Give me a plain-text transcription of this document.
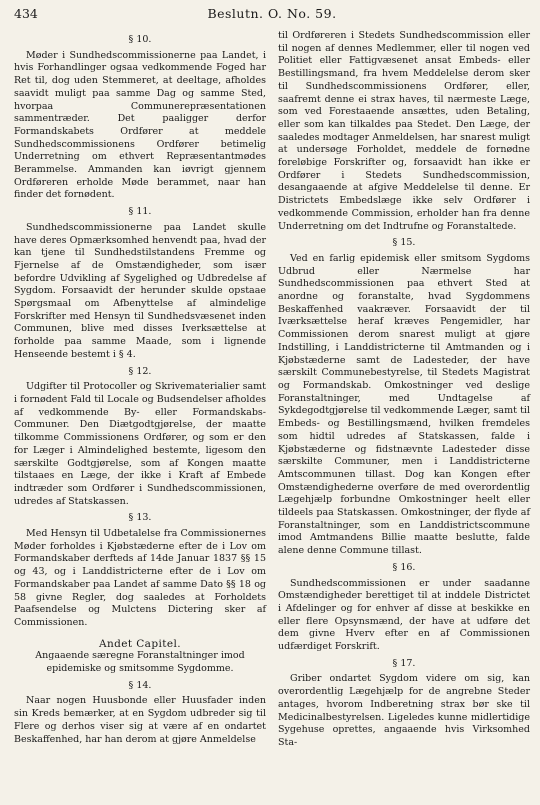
434	Beslutn. O. No. 59.
§ 10.

Møder i Sundhedscommissionerne paa Landet, i hvis Forhandlinger ogsaa vedkommende Foged har Ret til, dog uden Stemmeret, at deeltage, afholdes saavidt muligt paa samme Dag og samme Sted, hvorpaa Communerepræsentationen sammentræder. Det paaligger derfor Formandskabets Ordfører at meddele Sundhedscommissionens Ordfører betimelig Underretning om ethvert Repræsentantmødes Berammelse. Ammanden kan iøvrigt gjennem Ordføreren erholde Møde berammet, naar han finder det fornødent.

§ 11.

Sundhedscommissionerne paa Landet skulle have deres Opmærksomhed henvendt paa, hvad der kan tjene til Sundhedstilstandens Fremme og Fjernelse af de Omstændigheder, som især befordre Udvikling af Sygelighed og Udbredelse af Sygdom. Forsaavidt der herunder skulde opstaae Spørgsmaal om Afbenyttelse af almindelige Forskrifter med Hensyn til Sundhedsvæsenet inden Communen, blive med disses Iverksættelse at forholde paa samme Maade, som i lignende Henseende bestemt i § 4.

§ 12.

Udgifter til Protocoller og Skrivematerialier samt i fornødent Fald til Locale og Budsendelser afholdes af vedkommende By- eller Formandskabs-Communer. Den Diætgodtgjørelse, der maatte tilkomme Commissionens Ordfører, og som er den for Læger i Almindelighed bestemte, ligesom den særskilte Godtgjørelse, som af Kongen maatte tilstaaes en Læge, der ikke i Kraft af Embede indtræder som Ordfører i Sundhedscommissionen, udredes af Statskassen.

§ 13.

Med Hensyn til Udbetalelse fra Commissionernes Møder forholdes i Kjøbstæderne efter de i Lov om Formandskaber derfteds af 14de Januar 1837 §§ 15 og 43, og i Landdistricterne efter de i Lov om Formandskaber paa Landet af samme Dato §§ 18 og 58 givne Regler, dog saaledes at Forholdets Paafsendelse og Mulctens Dictering sker af Commissionen.

Andet Capitel.
Angaaende særegne Foranstaltninger imod epidemiske og smitsomme Sygdomme.
§ 14.

Naar nogen Huusbonde eller Huusfader inden sin Kreds bemærker, at en Sygdom udbreder sig til Flere og derhos viser sig at være af en ondartet Beskaffenhed, har han derom at gjøre Anmeldelse

til Ordføreren i Stedets Sundhedscommission eller til nogen af dennes Medlemmer, eller til nogen ved Politiet eller Fattigvæsenet ansat Embeds- eller Bestillingsmand, fra hvem Meddelelse derom sker til Sundhedscommissionens Ordfører, eller, saafremt denne ei strax haves, til nærmeste Læge, som ved Forestaaende ansættes, uden Betaling, eller som kan tilkaldes paa Stedet. Den Læge, der saaledes modtager Anmeldelsen, har snarest muligt at undersøge Forholdet, meddele de fornødne foreløbige Forskrifter og, forsaavidt han ikke er Ordfører i Stedets Sundhedscommission, desangaaende at afgive Meddelelse til denne. Er Districtets Embedslæge ikke selv Ordfører i vedkommende Commission, erholder han fra denne Underretning om det Indtrufne og Foranstaltede.

§ 15.

Ved en farlig epidemisk eller smitsom Sygdoms Udbrud eller Nærmelse har Sundhedscommissionen paa ethvert Sted at anordne og foranstalte, hvad Sygdommens Beskaffenhed vaakræver. Forsaavidt der til Iværksættelse heraf kræves Pengemidler, har Commissionen derom snarest muligt at gjøre Indstilling, i Landdistricterne til Amtmanden og i Kjøbstæderne samt de Ladesteder, der have særskilt Communebestyrelse, til Stedets Magistrat og Formandskab. Omkostninger ved deslige Foranstaltninger, med Undtagelse af Sykdegodtgjørelse til vedkommende Læger, samt til Embeds- og Bestillingsmænd, hvilken fremdeles som hidtil udredes af Statskassen, falde i Kjøbstæderne og fidstnævnte Ladesteder disse særskilte Communer, men i Landdistricterne Amtscommunen tillast. Dog kan Kongen efter Omstændighederne overføre de med overordentlig Lægehjælp forbundne Omkostninger heelt eller tildeels paa Statskassen. Omkostninger, der flyde af Foranstaltninger, som en Landdistrictscommune imod Amtmandens Billie maatte beslutte, falde alene denne Commune tillast.

§ 16.

Sundhedscommissionen er under saadanne Omstændigheder berettiget til at inddele Districtet i Afdelinger og for enhver af disse at beskikke en eller flere Opsynsmænd, der have at udføre det dem givne Hverv efter en af Commissionen udfærdiget Forskrift.

§ 17.

Griber ondartet Sygdom videre om sig, kan overordentlig Lægehjælp for de angrebne Steder antages, hvorom Indberetning strax bør ske til Medicinalbestyrelsen. Ligeledes kunne midlertidige Sygehuse oprettes, angaaende hvis Virksomhed Sta-
